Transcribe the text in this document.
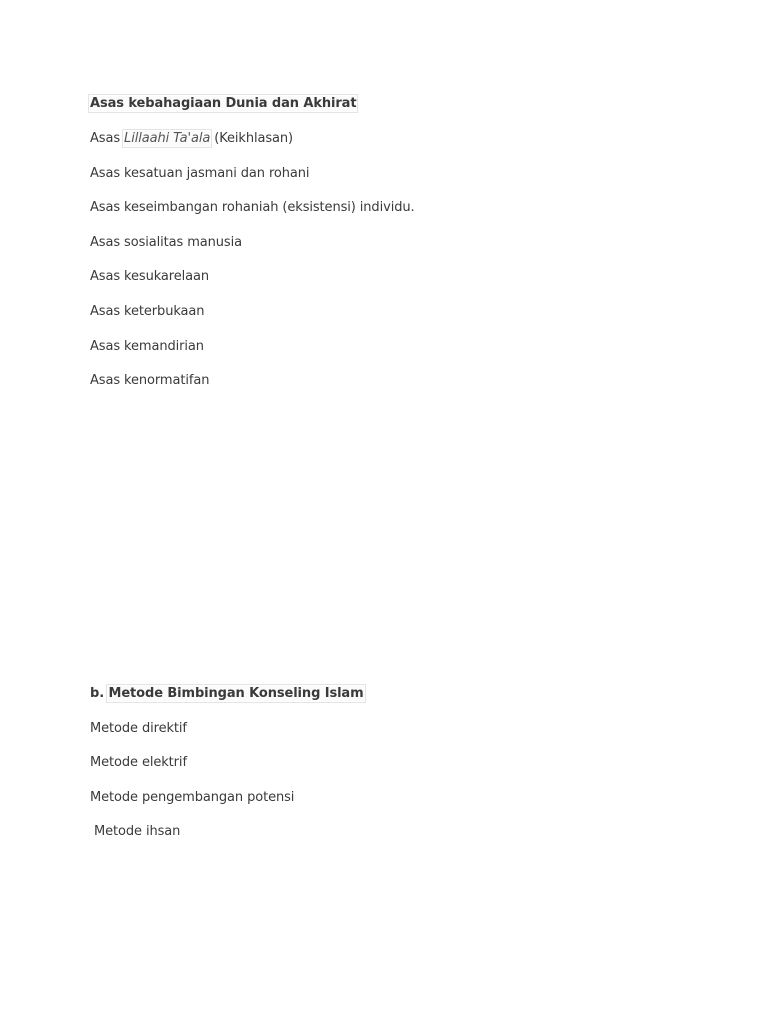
Asas kebahagiaan Dunia dan Akhirat
Asas Lillaahi Ta'ala (Keikhlasan)
Asas kesatuan jasmani dan rohani
Asas keseimbangan rohaniah (eksistensi) individu.
Asas sosialitas manusia
Asas kesukarelaan
Asas keterbukaan
Asas kemandirian
Asas kenormatifan
b. Metode Bimbingan Konseling Islam
Metode direktif
Metode elektrif
Metode pengembangan potensi
Metode ihsan
